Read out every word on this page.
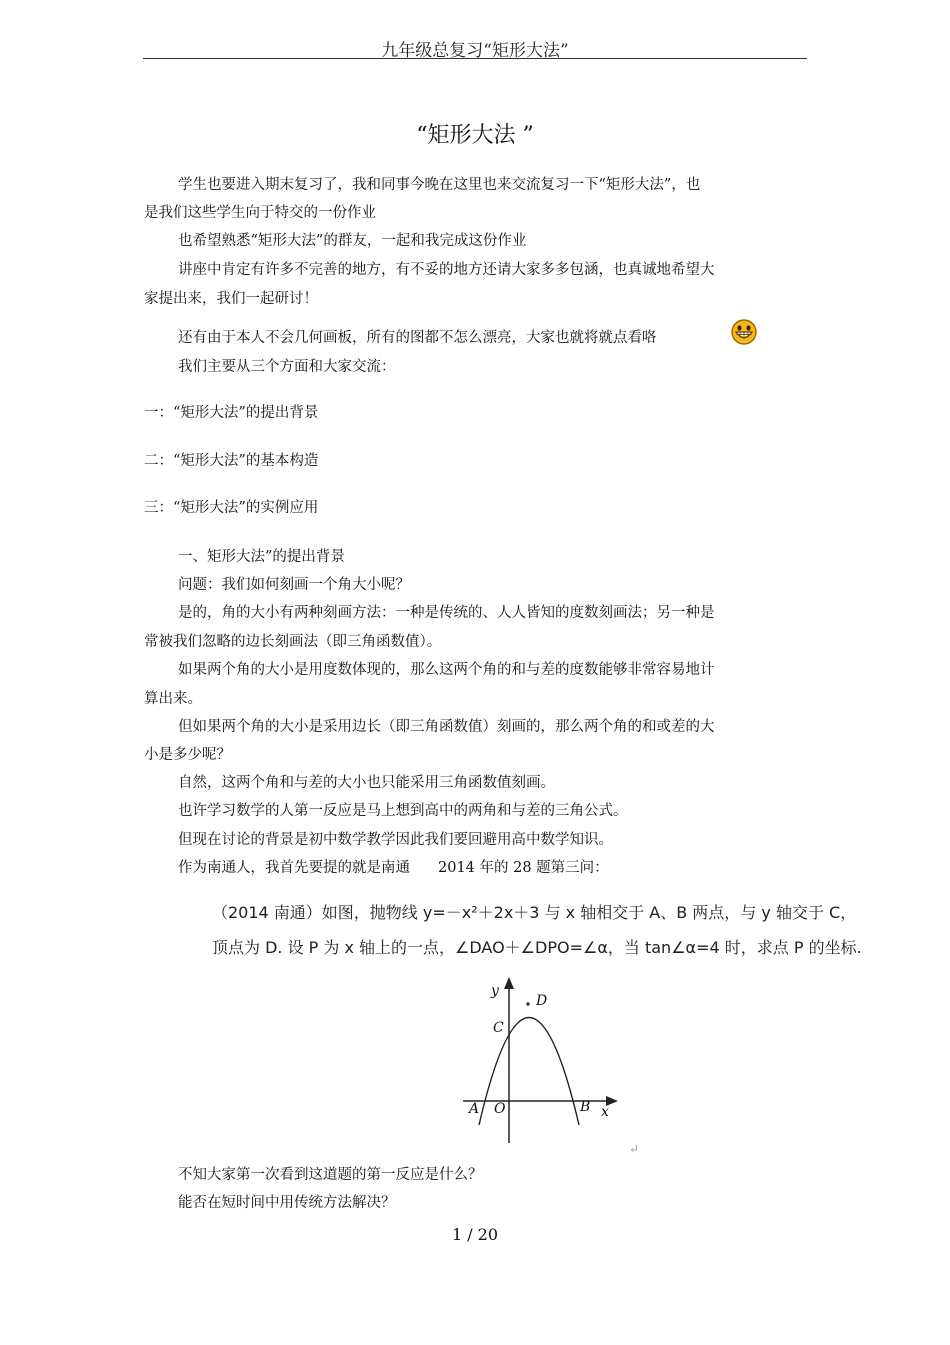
九年级总复习“矩形大法”
“矩形大法 ”
学生也要进入期末复习了，我和同事今晚在这里也来交流复习一下“矩形大法”，也
是我们这些学生向于特交的一份作业
也希望熟悉“矩形大法”的群友，一起和我完成这份作业
讲座中肯定有许多不完善的地方，有不妥的地方还请大家多多包涵，也真诚地希望大
家提出来，我们一起研讨！
还有由于本人不会几何画板，所有的图都不怎么漂亮，大家也就将就点看咯
我们主要从三个方面和大家交流：
一：“矩形大法”的提出背景
二：“矩形大法”的基本构造
三：“矩形大法”的实例应用
一、矩形大法”的提出背景
问题：我们如何刻画一个角大小呢？
是的，角的大小有两种刻画方法：一种是传统的、人人皆知的度数刻画法；另一种是
常被我们忽略的边长刻画法（即三角函数值）。
如果两个角的大小是用度数体现的，那么这两个角的和与差的度数能够非常容易地计
算出来。
但如果两个角的大小是采用边长（即三角函数值）刻画的，那么两个角的和或差的大
小是多少呢？
自然，这两个角和与差的大小也只能采用三角函数值刻画。
也许学习数学的人第一反应是马上想到高中的两角和与差的三角公式。
但现在讨论的背景是初中数学教学因此我们要回避用高中数学知识。
作为南通人，我首先要提的就是南通 2014 年的 28 题第三问：
（2014 南通）如图，抛物线 y=－x²＋2x＋3 与 x 轴相交于 A、B 两点，与 y 轴交于 C，
顶点为 D. 设 P 为 x 轴上的一点，∠DAO＋∠DPO=∠α，当 tan∠α=4 时，求点 P 的坐标.
y
D
C
A O	B x
↵
不知大家第一次看到这道题的第一反应是什么？
能否在短时间中用传统方法解决？
1 / 20
